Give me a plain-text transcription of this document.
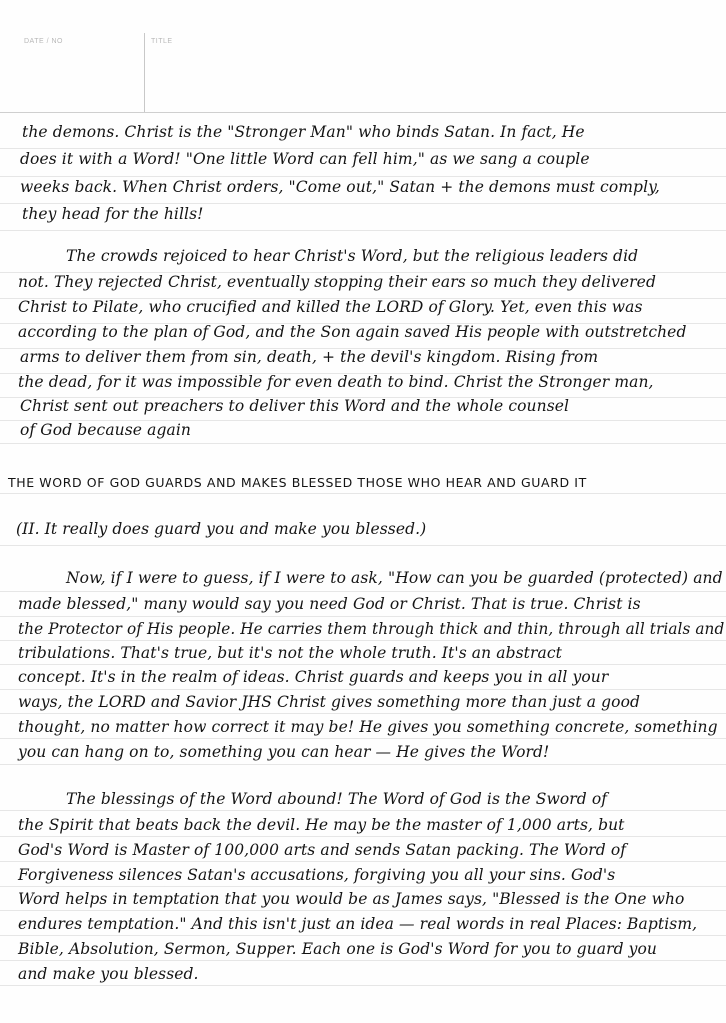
DATE / NO	TITLE
the demons. Christ is the "Stronger Man" who binds Satan. In fact, He
does it with a Word! "One little Word can fell him," as we sang a couple
weeks back. When Christ orders, "Come out," Satan + the demons must comply,
they head for the hills!
The crowds rejoiced to hear Christ's Word, but the religious leaders did
not. They rejected Christ, eventually stopping their ears so much they delivered
Christ to Pilate, who crucified and killed the LORD of Glory. Yet, even this was
according to the plan of God, and the Son again saved His people with outstretched
arms to deliver them from sin, death, + the devil's kingdom. Rising from
the dead, for it was impossible for even death to bind. Christ the Stronger man,
Christ sent out preachers to deliver this Word and the whole counsel
of God because again
THE WORD OF GOD GUARDS AND MAKES BLESSED THOSE WHO HEAR AND GUARD IT
(II. It really does guard you and make you blessed.)
Now, if I were to guess, if I were to ask, "How can you be guarded (protected) and
made blessed," many would say you need God or Christ. That is true. Christ is
the Protector of His people. He carries them through thick and thin, through all trials and
tribulations. That's true, but it's not the whole truth. It's an abstract
concept. It's in the realm of ideas. Christ guards and keeps you in all your
ways, the LORD and Savior JHS Christ gives something more than just a good
thought, no matter how correct it may be! He gives you something concrete, something
you can hang on to, something you can hear — He gives the Word!
The blessings of the Word abound! The Word of God is the Sword of
the Spirit that beats back the devil. He may be the master of 1,000 arts, but
God's Word is Master of 100,000 arts and sends Satan packing. The Word of
Forgiveness silences Satan's accusations, forgiving you all your sins. God's
Word helps in temptation that you would be as James says, "Blessed is the One who
endures temptation." And this isn't just an idea — real words in real Places: Baptism,
Bible, Absolution, Sermon, Supper. Each one is God's Word for you to guard you
and make you blessed.
